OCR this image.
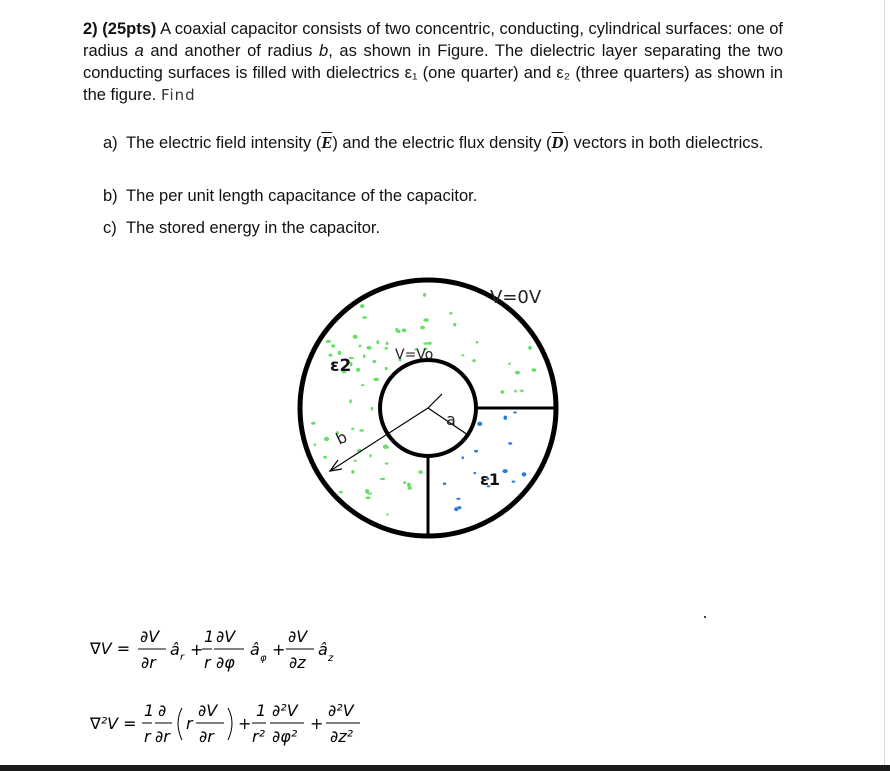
2) (25pts) A coaxial capacitor consists of two concentric, conducting, cylindrical surfaces: one of radius a and another of radius b, as shown in Figure. The dielectric layer separating the two conducting surfaces is filled with dielectrics ε₁ (one quarter) and ε₂ (three quarters) as shown in the figure. Find
a) The electric field intensity $(\overline{E})$ and the electric flux density $(\overline{D})$ vectors in both dielectrics.
b) The per unit length capacitance of the capacitor.
c) The stored energy in the capacitor.
V=0V
V=Vo
ε2
ε1
a
b
∇V =
∂V
∂r
â r +
1
r
∂V
∂φ
â φ +
∂V
∂z
â z
∇²V =
1
r
∂
∂r
r
∂V
∂r
+
1
r²
∂²V
∂φ²
+
∂²V
∂z²
